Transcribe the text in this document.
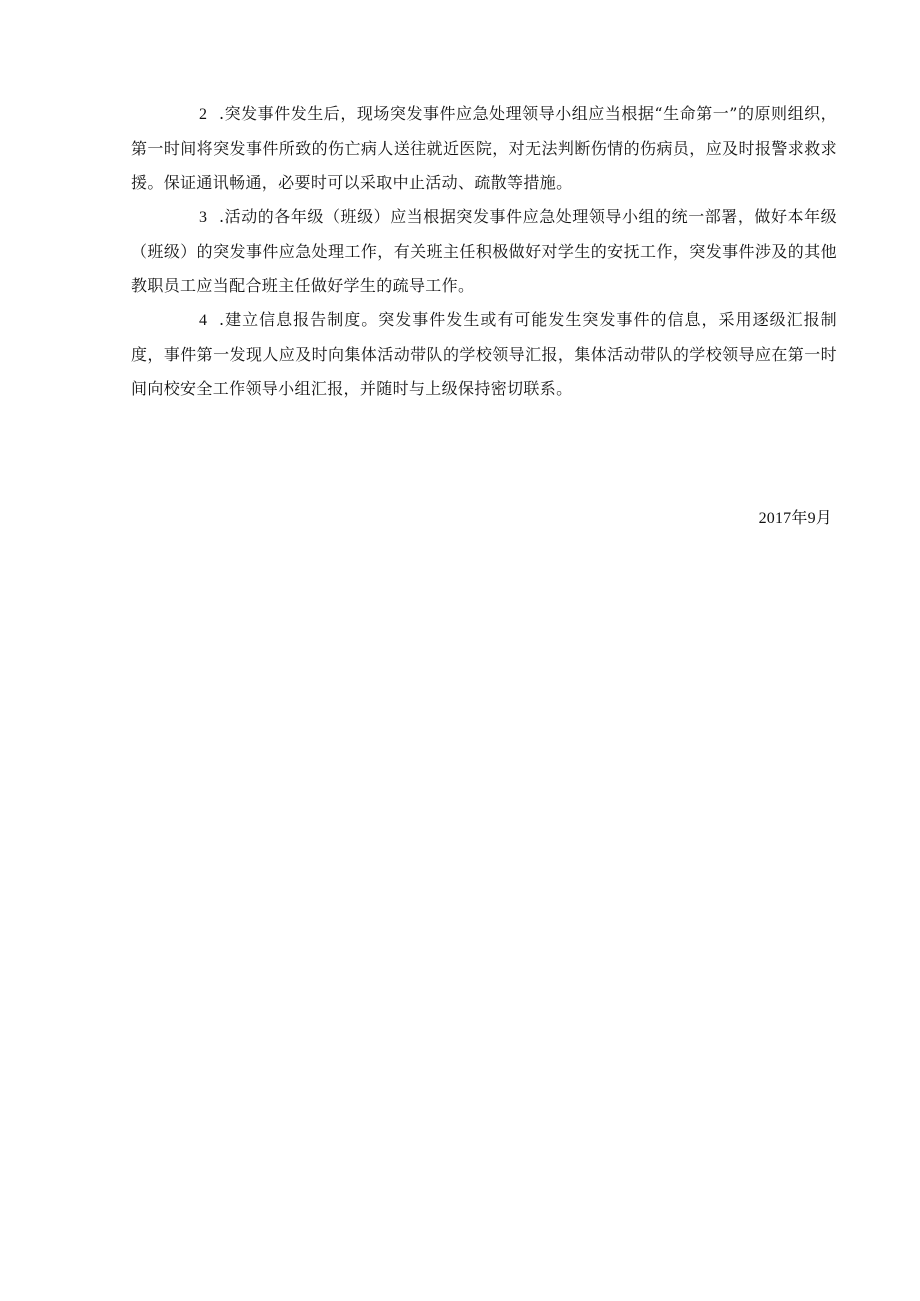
2 .突发事件发生后，现场突发事件应急处理领导小组应当根据“生命第一”的原则组织，第一时间将突发事件所致的伤亡病人送往就近医院，对无法判断伤情的伤病员，应及时报警求救求援。保证通讯畅通，必要时可以采取中止活动、疏散等措施。

3 .活动的各年级（班级）应当根据突发事件应急处理领导小组的统一部署，做好本年级（班级）的突发事件应急处理工作，有关班主任积极做好对学生的安抚工作，突发事件涉及的其他教职员工应当配合班主任做好学生的疏导工作。

4 .建立信息报告制度。突发事件发生或有可能发生突发事件的信息，采用逐级汇报制度，事件第一发现人应及时向集体活动带队的学校领导汇报，集体活动带队的学校领导应在第一时间向校安全工作领导小组汇报，并随时与上级保持密切联系。

2017年9月
